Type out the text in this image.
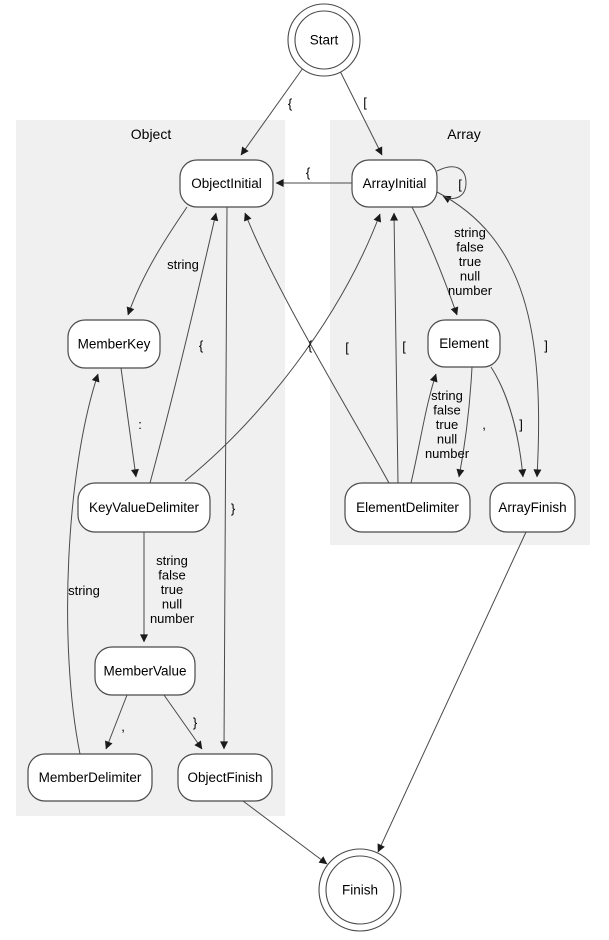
Object	Array
{	[
{
string
:
string false true null number
{	[
}
,	}
string
[
string false true null number
]
,	]
string false true null number
[
{
Start
ObjectInitial	ArrayInitial
MemberKey	Element
KeyValueDelimiter	ElementDelimiter	ArrayFinish
MemberValue
MemberDelimiter	ObjectFinish
Finish
